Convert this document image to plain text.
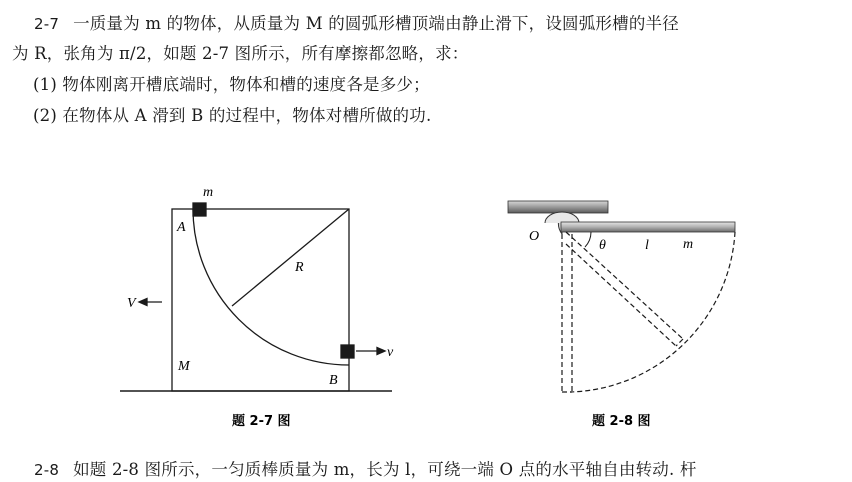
2-7 一质量为 m 的物体，从质量为 M 的圆弧形槽顶端由静止滑下，设圆弧形槽的半径
为 R，张角为 π/2，如题 2-7 图所示，所有摩擦都忽略，求：
(1) 物体刚离开槽底端时，物体和槽的速度各是多少；
(2) 在物体从 A 滑到 B 的过程中，物体对槽所做的功.
m
A
R
V
v
M
B
题 2-7 图
O
θ	l m
题 2-8 图
2-8 如题 2-8 图所示，一匀质棒质量为 m，长为 l，可绕一端 O 点的水平轴自由转动. 杆
